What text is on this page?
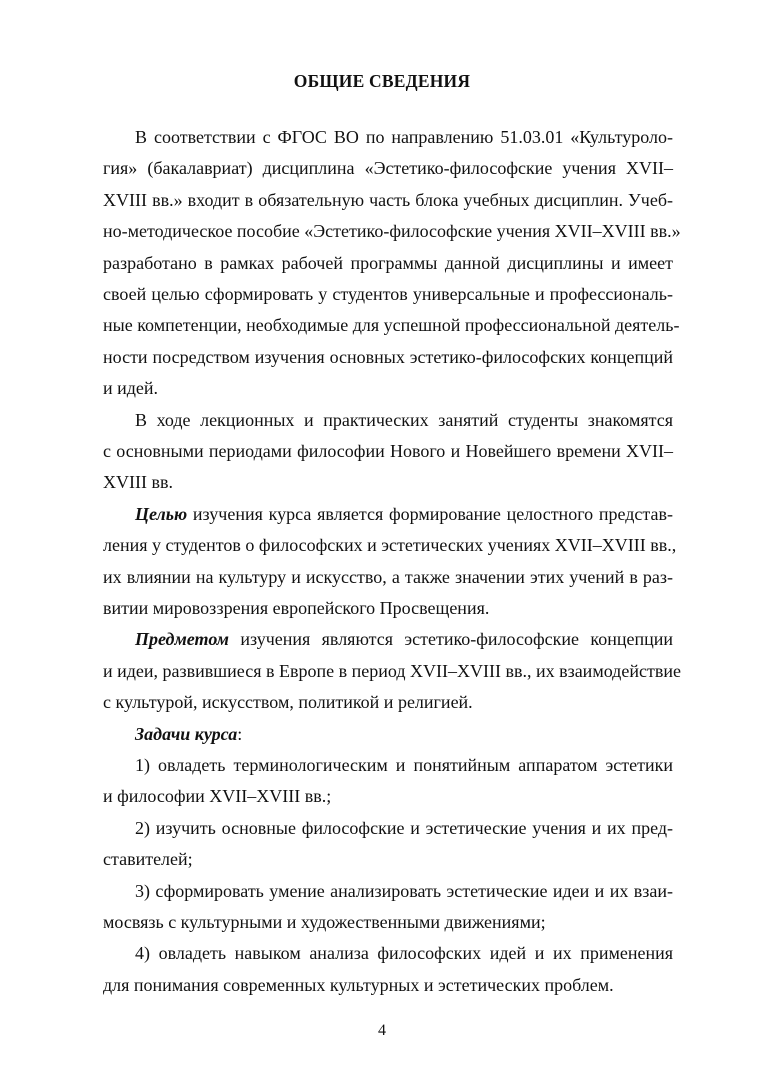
ОБЩИЕ СВЕДЕНИЯ
В соответствии с ФГОС ВО по направлению 51.03.01 «Культуроло-
гия» (бакалавриат) дисциплина «Эстетико-философские учения XVII–
XVIII вв.» входит в обязательную часть блока учебных дисциплин. Учеб-
но-методическое пособие «Эстетико-философские учения XVII–XVIII вв.»
разработано в рамках рабочей программы данной дисциплины и имеет
своей целью сформировать у студентов универсальные и профессиональ-
ные компетенции, необходимые для успешной профессиональной деятель-
ности посредством изучения основных эстетико-философских концепций
и идей.
В ходе лекционных и практических занятий студенты знакомятся
с основными периодами философии Нового и Новейшего времени XVII–
XVIII вв.
Целью изучения курса является формирование целостного представ-
ления у студентов о философских и эстетических учениях XVII–XVIII вв.,
их влиянии на культуру и искусство, а также значении этих учений в раз-
витии мировоззрения европейского Просвещения.
Предметом изучения являются эстетико-философские концепции
и идеи, развившиеся в Европе в период XVII–XVIII вв., их взаимодействие
с культурой, искусством, политикой и религией.
Задачи курса:
1) овладеть терминологическим и понятийным аппаратом эстетики
и философии XVII–XVIII вв.;
2) изучить основные философские и эстетические учения и их пред-
ставителей;
3) сформировать умение анализировать эстетические идеи и их взаи-
мосвязь с культурными и художественными движениями;
4) овладеть навыком анализа философских идей и их применения
для понимания современных культурных и эстетических проблем.
4
